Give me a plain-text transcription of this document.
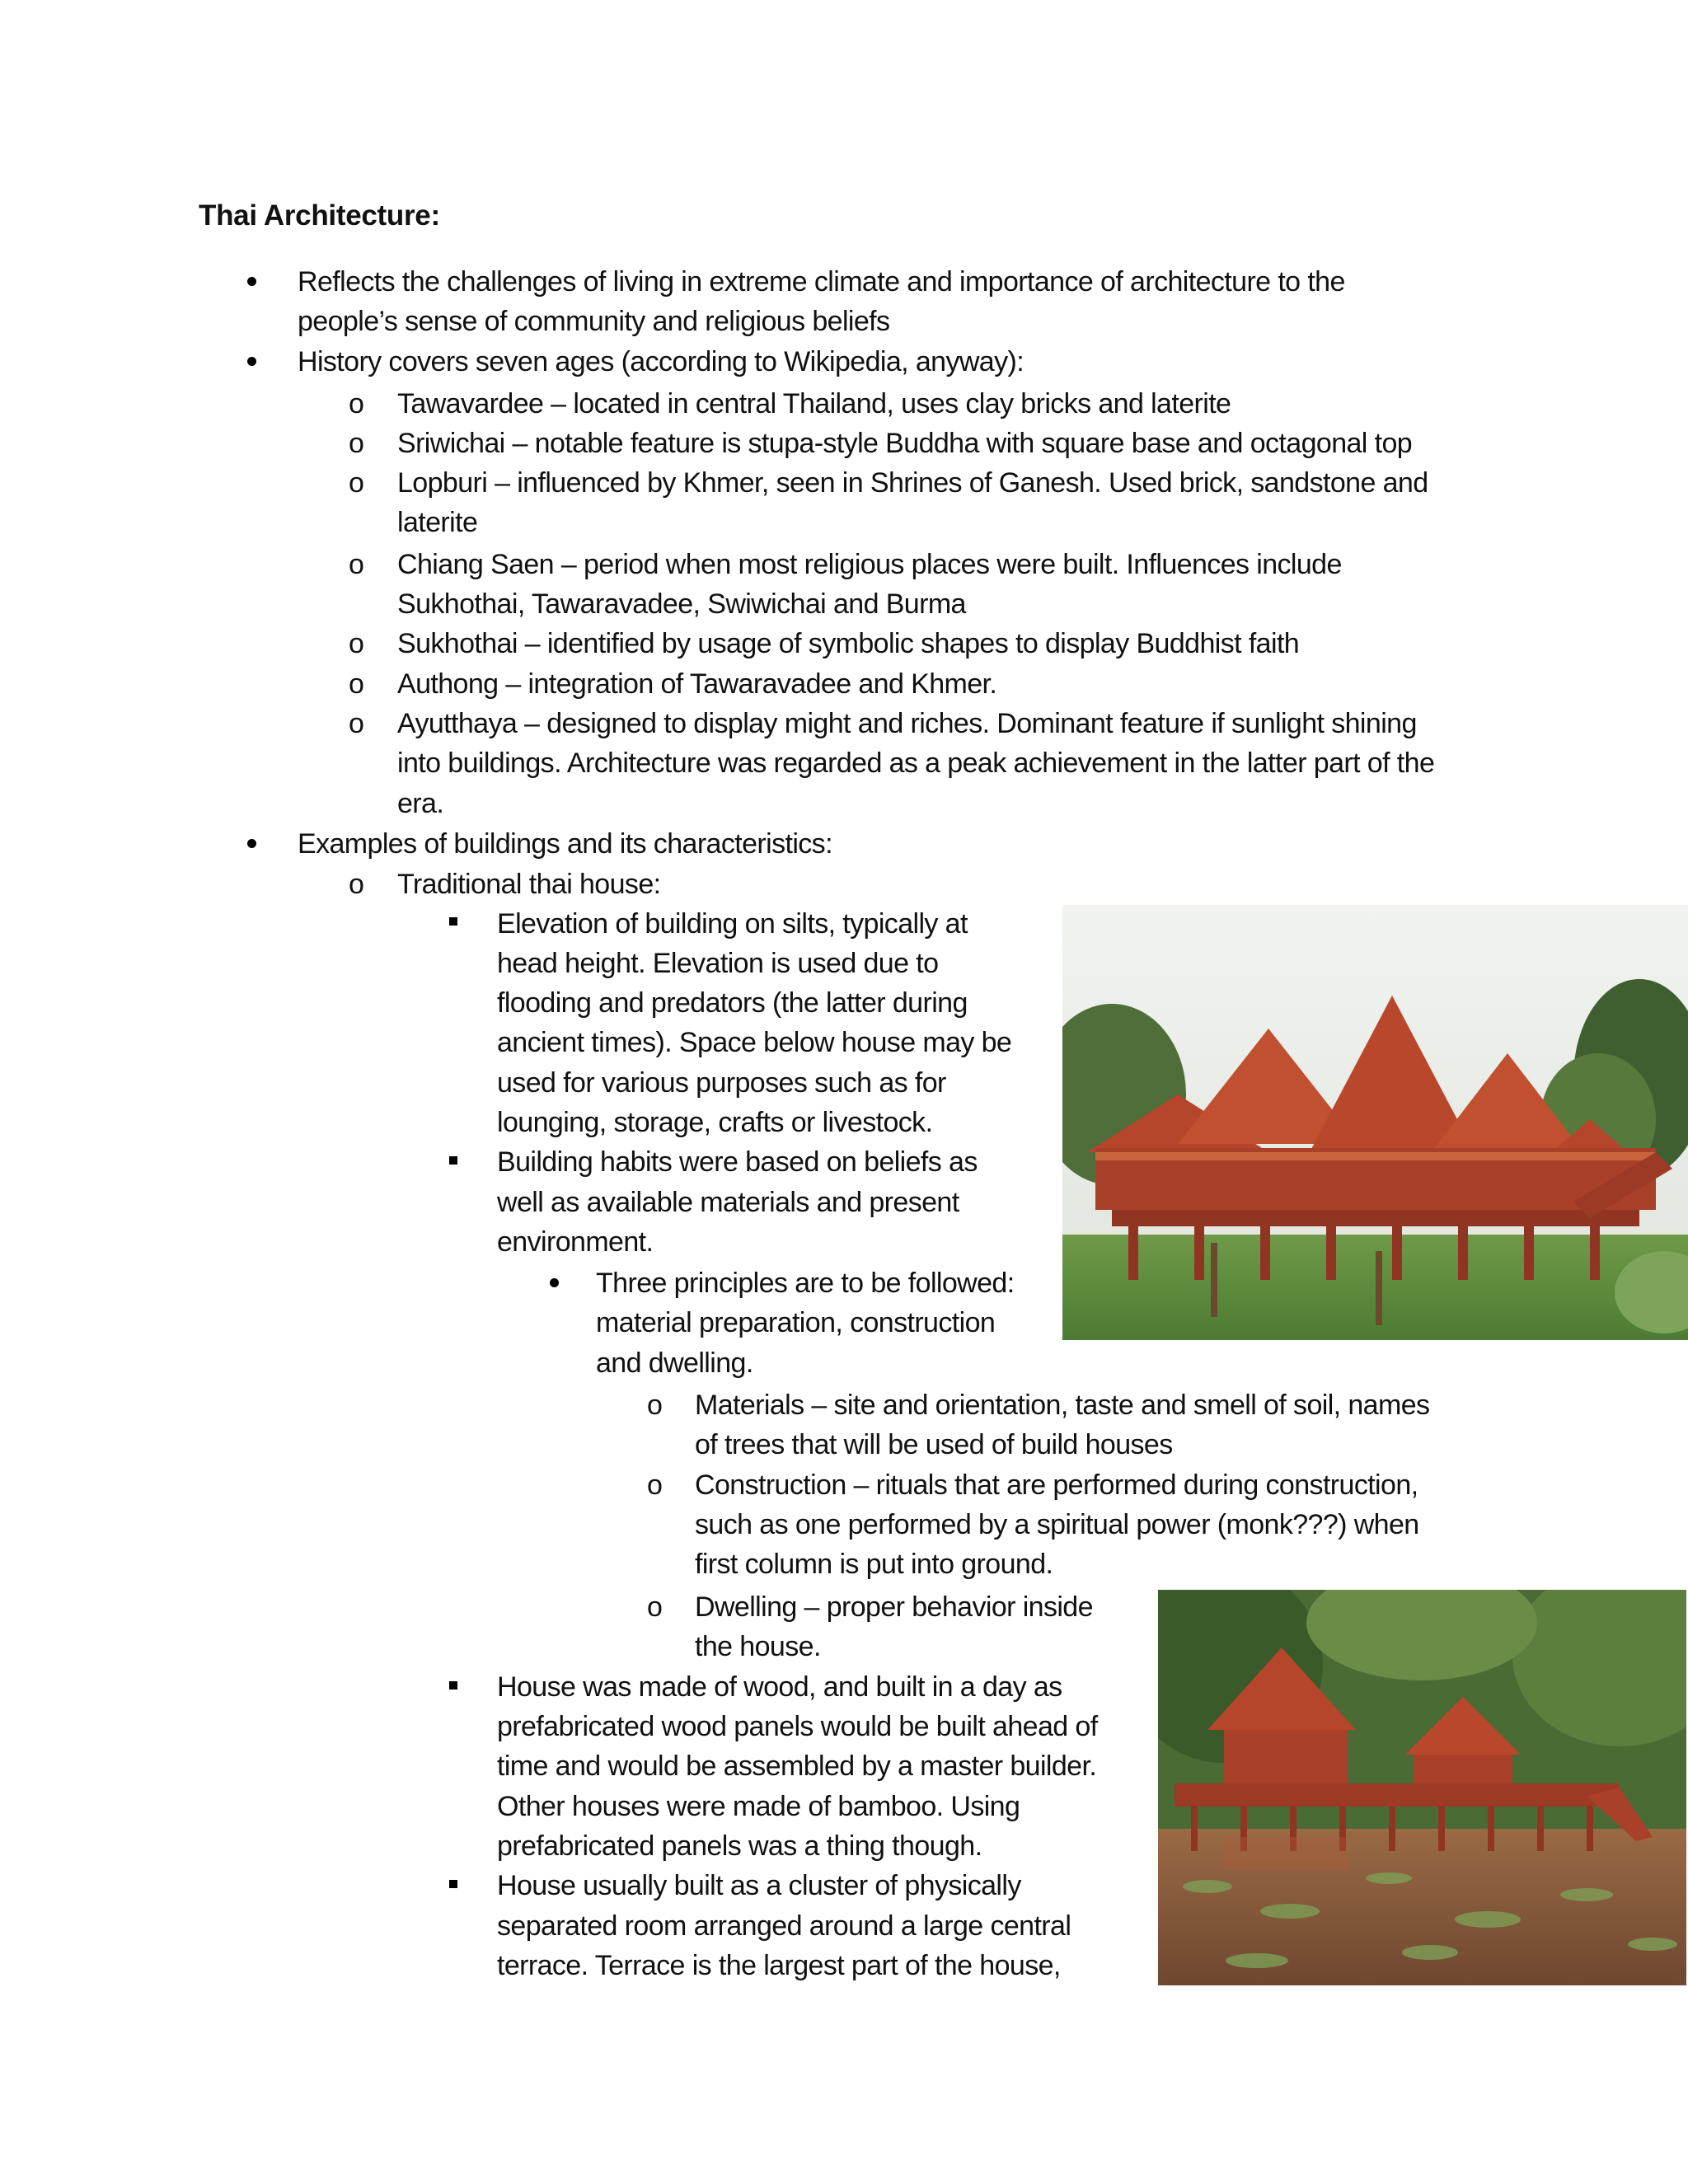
Thai Architecture:
Reflects the challenges of living in extreme climate and importance of architecture to the
people’s sense of community and religious beliefs
History covers seven ages (according to Wikipedia, anyway):
o Tawavardee – located in central Thailand, uses clay bricks and laterite
o Sriwichai – notable feature is stupa-style Buddha with square base and octagonal top
o Lopburi – influenced by Khmer, seen in Shrines of Ganesh. Used brick, sandstone and
laterite
o Chiang Saen – period when most religious places were built. Influences include
Sukhothai, Tawaravadee, Swiwichai and Burma
o Sukhothai – identified by usage of symbolic shapes to display Buddhist faith
o Authong – integration of Tawaravadee and Khmer.
o Ayutthaya – designed to display might and riches. Dominant feature if sunlight shining
into buildings. Architecture was regarded as a peak achievement in the latter part of the
era.
Examples of buildings and its characteristics:
o Traditional thai house:
Elevation of building on silts, typically at
head height. Elevation is used due to
flooding and predators (the latter during
ancient times). Space below house may be
used for various purposes such as for
lounging, storage, crafts or livestock.
Building habits were based on beliefs as
well as available materials and present
environment.
Three principles are to be followed:
material preparation, construction
and dwelling.
o Materials – site and orientation, taste and smell of soil, names
of trees that will be used of build houses
o Construction – rituals that are performed during construction,
such as one performed by a spiritual power (monk???) when
first column is put into ground.
o Dwelling – proper behavior inside
the house.
House was made of wood, and built in a day as
prefabricated wood panels would be built ahead of
time and would be assembled by a master builder.
Other houses were made of bamboo. Using
prefabricated panels was a thing though.
House usually built as a cluster of physically
separated room arranged around a large central
terrace. Terrace is the largest part of the house,
